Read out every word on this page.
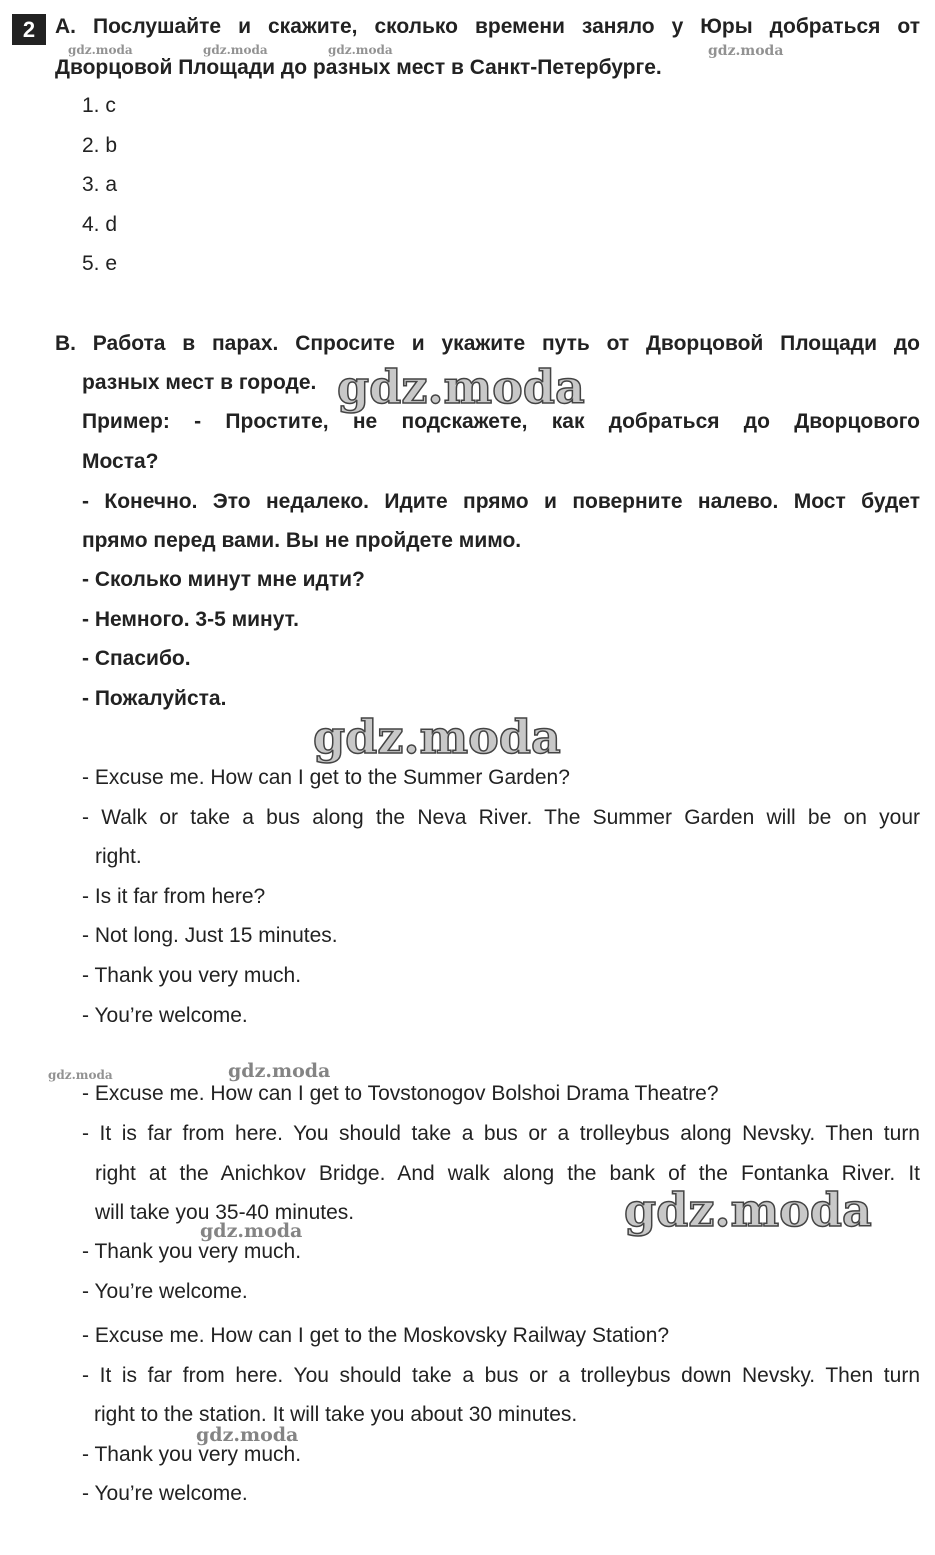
2 A. Послушайте и скажите, сколько времени заняло у Юры добраться от
Дворцовой Площади до разных мест в Санкт-Петербурге.
1. c
2. b
3. a
4. d
5. e
B. Работа в парах. Спросите и укажите путь от Дворцовой Площади до
разных мест в городе.
Пример: - Простите, не подскажете, как добраться до Дворцового
Моста?
- Конечно. Это недалеко. Идите прямо и поверните налево. Мост будет
прямо перед вами. Вы не пройдете мимо.
- Сколько минут мне идти?
- Немного. 3-5 минут.
- Спасибо.
- Пожалуйста.
- Excuse me. How can I get to the Summer Garden?
- Walk or take a bus along the Neva River. The Summer Garden will be on your
right.
- Is it far from here?
- Not long. Just 15 minutes.
- Thank you very much.
- You’re welcome.
- Excuse me. How can I get to Tovstonogov Bolshoi Drama Theatre?
- It is far from here. You should take a bus or a trolleybus along Nevsky. Then turn
right at the Anichkov Bridge. And walk along the bank of the Fontanka River. It
will take you 35-40 minutes.
- Thank you very much.
- You’re welcome.
- Excuse me. How can I get to the Moskovsky Railway Station?
- It is far from here. You should take a bus or a trolleybus down Nevsky. Then turn
right to the station. It will take you about 30 minutes.
- Thank you very much.
- You’re welcome.
gdz.moda	gdz.moda	gdz.moda	gdz.moda
gdz.moda
gdz.moda
gdz.moda	gdz.moda
gdz.moda
gdz.moda
gdz.moda
